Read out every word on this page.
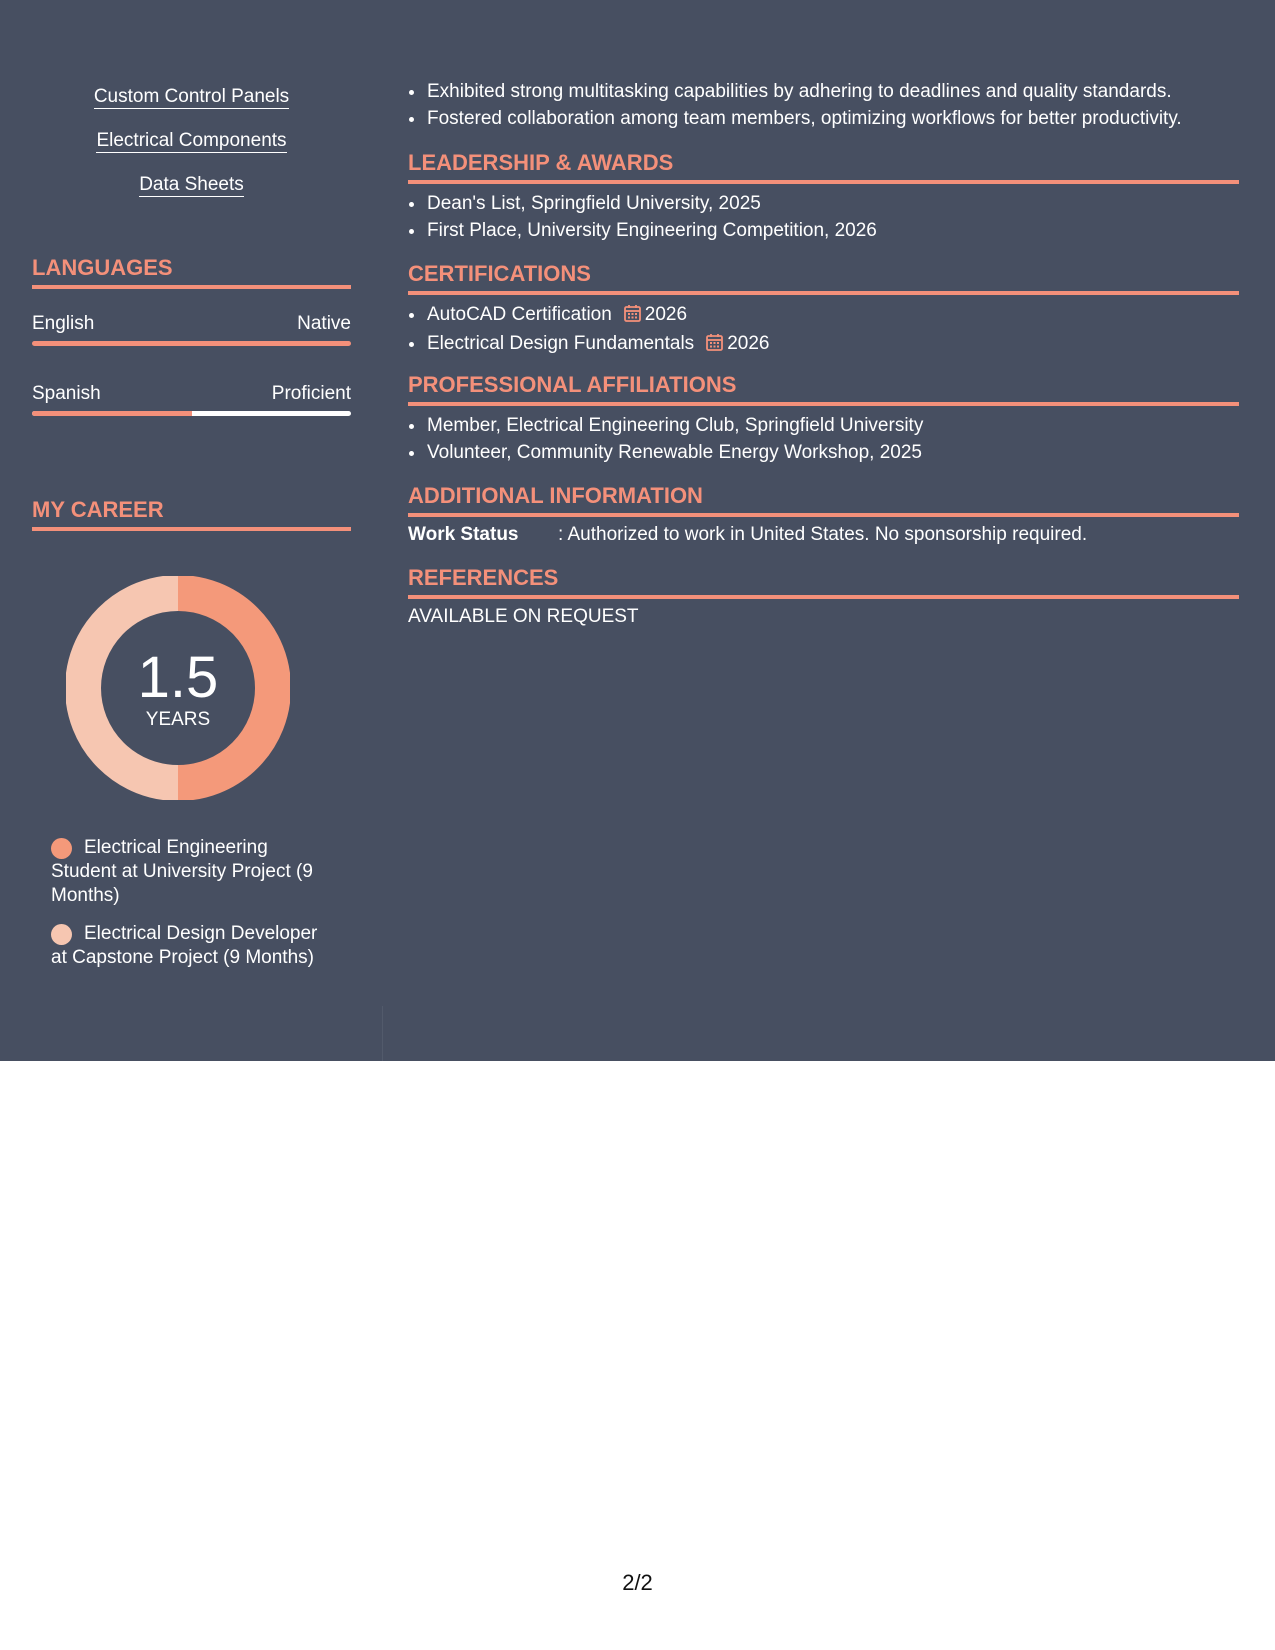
Custom Control Panels
Electrical Components
Data Sheets
LANGUAGES
English	Native
Spanish	Proficient
MY CAREER
1.5
YEARS
Electrical Engineering Student at University Project (9 Months)
Electrical Design Developer at Capstone Project (9 Months)
• Exhibited strong multitasking capabilities by adhering to deadlines and quality standards.
• Fostered collaboration among team members, optimizing workflows for better productivity.
LEADERSHIP & AWARDS
• Dean's List, Springfield University, 2025
• First Place, University Engineering Competition, 2026
CERTIFICATIONS
• AutoCAD Certification 2026
• Electrical Design Fundamentals 2026
PROFESSIONAL AFFILIATIONS
• Member, Electrical Engineering Club, Springfield University
• Volunteer, Community Renewable Energy Workshop, 2025
ADDITIONAL INFORMATION
Work Status	: Authorized to work in United States. No sponsorship required.
REFERENCES
AVAILABLE ON REQUEST
2/2
